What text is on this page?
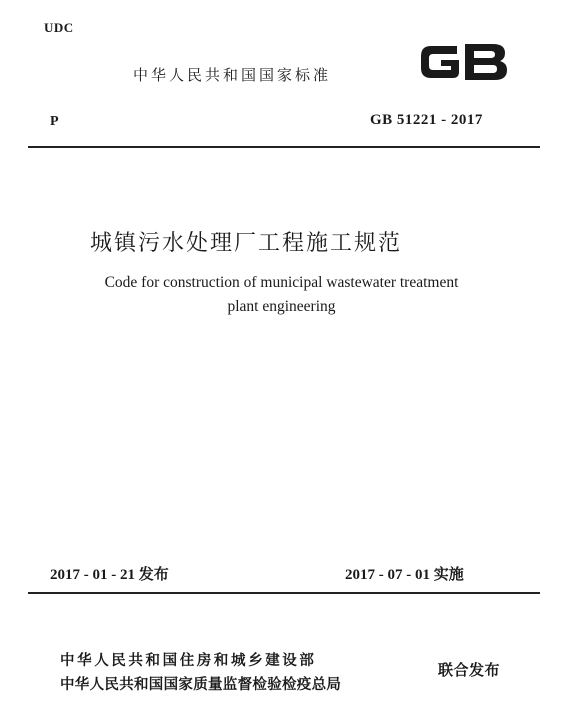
UDC
中华人民共和国国家标准
P	GB 51221 - 2017
城镇污水处理厂工程施工规范
Code for construction of municipal wastewater treatment
plant engineering
2017 - 01 - 21 发布	2017 - 07 - 01 实施
中华人民共和国住房和城乡建设部
中华人民共和国国家质量监督检验检疫总局
联合发布
